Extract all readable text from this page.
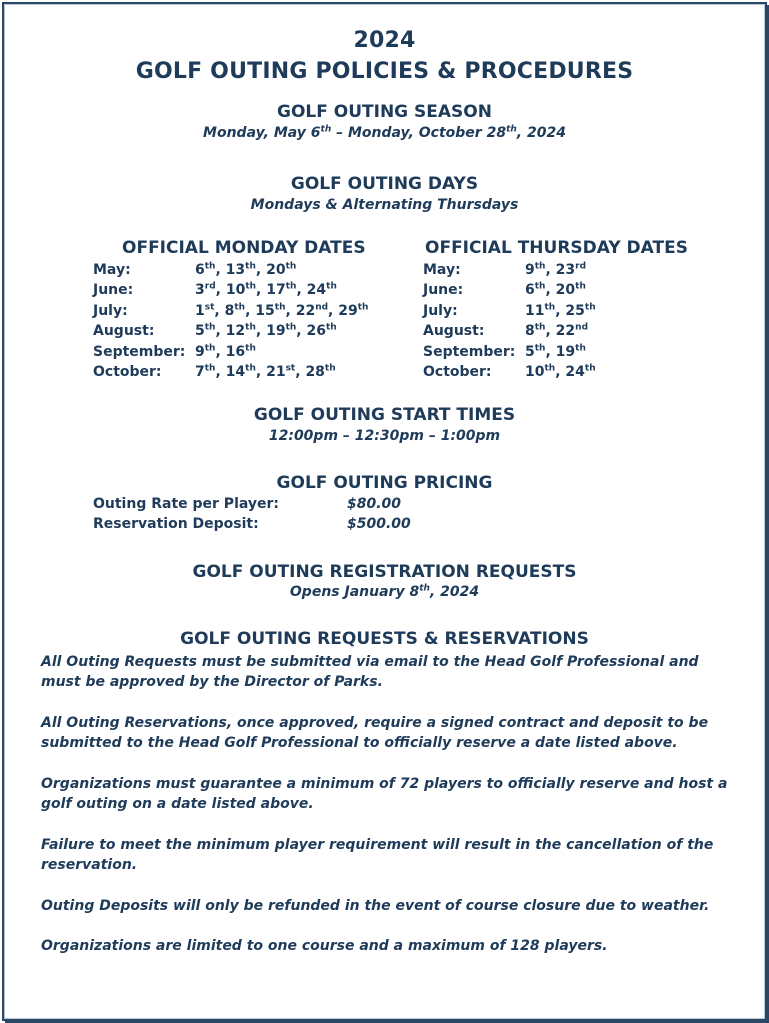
2024
GOLF OUTING POLICIES & PROCEDURES
GOLF OUTING SEASON
Monday, May 6th – Monday, October 28th, 2024
GOLF OUTING DAYS
Mondays & Alternating Thursdays
OFFICIAL MONDAY DATES	OFFICIAL THURSDAY DATES
May:	6th, 13th, 20th
June:	3rd, 10th, 17th, 24th
July:	1st, 8th, 15th, 22nd, 29th
August:	5th, 12th, 19th, 26th
September: 9th, 16th
October: 7th, 14th, 21st, 28th
May:	9th, 23rd
June:	6th, 20th
July:	11th, 25th
August:	8th, 22nd
September: 5th, 19th
October: 10th, 24th
GOLF OUTING START TIMES
12:00pm – 12:30pm – 1:00pm
GOLF OUTING PRICING
Outing Rate per Player:	$80.00
Reservation Deposit:	$500.00
GOLF OUTING REGISTRATION REQUESTS
Opens January 8th, 2024
GOLF OUTING REQUESTS & RESERVATIONS
All Outing Requests must be submitted via email to the Head Golf Professional and must be approved by the Director of Parks.
All Outing Reservations, once approved, require a signed contract and deposit to be submitted to the Head Golf Professional to officially reserve a date listed above.
Organizations must guarantee a minimum of 72 players to officially reserve and host a golf outing on a date listed above.
Failure to meet the minimum player requirement will result in the cancellation of the reservation.
Outing Deposits will only be refunded in the event of course closure due to weather.
Organizations are limited to one course and a maximum of 128 players.
